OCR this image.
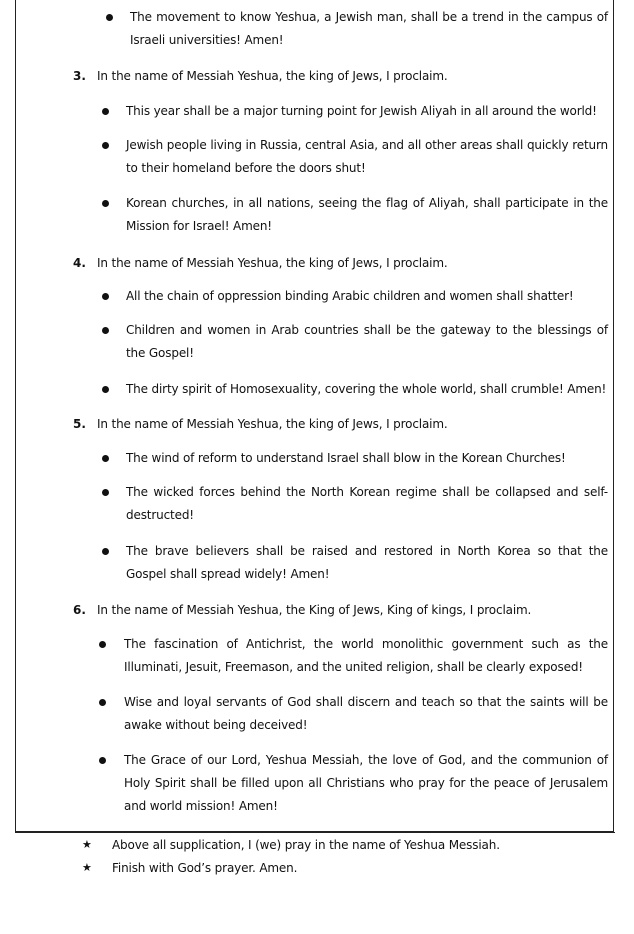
The movement to know Yeshua, a Jewish man, shall be a trend in the campus of Israeli universities! Amen!

3. In the name of Messiah Yeshua, the king of Jews, I proclaim.

This year shall be a major turning point for Jewish Aliyah in all around the world!

Jewish people living in Russia, central Asia, and all other areas shall quickly return to their homeland before the doors shut!

Korean churches, in all nations, seeing the flag of Aliyah, shall participate in the Mission for Israel! Amen!

4. In the name of Messiah Yeshua, the king of Jews, I proclaim.

All the chain of oppression binding Arabic children and women shall shatter!

Children and women in Arab countries shall be the gateway to the blessings of the Gospel!

The dirty spirit of Homosexuality, covering the whole world, shall crumble! Amen!

5. In the name of Messiah Yeshua, the king of Jews, I proclaim.

The wind of reform to understand Israel shall blow in the Korean Churches!

The wicked forces behind the North Korean regime shall be collapsed and self-destructed!

The brave believers shall be raised and restored in North Korea so that the Gospel shall spread widely! Amen!

6. In the name of Messiah Yeshua, the King of Jews, King of kings, I proclaim.

The fascination of Antichrist, the world monolithic government such as the Illuminati, Jesuit, Freemason, and the united religion, shall be clearly exposed!

Wise and loyal servants of God shall discern and teach so that the saints will be awake without being deceived!

The Grace of our Lord, Yeshua Messiah, the love of God, and the communion of Holy Spirit shall be filled upon all Christians who pray for the peace of Jerusalem and world mission! Amen!

★ Above all supplication, I (we) pray in the name of Yeshua Messiah.
★ Finish with God’s prayer. Amen.
